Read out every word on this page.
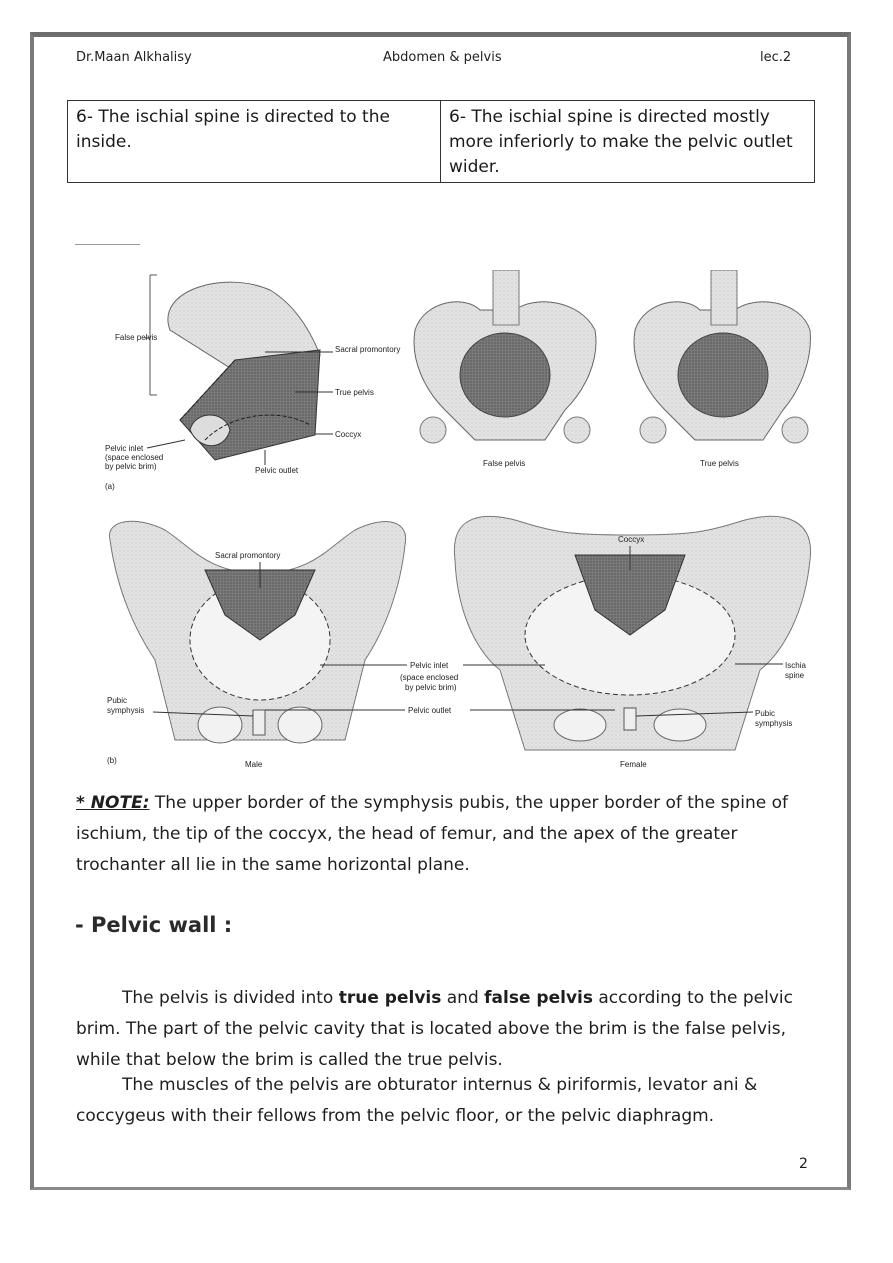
Dr.Maan Alkhalisy	Abdomen & pelvis	lec.2
6- The ischial spine is directed to the inside.	6- The ischial spine is directed mostly more inferiorly to make the pelvic outlet wider.
False pelvis
Sacral promontory
True pelvis
Coccyx
Pelvic inlet
(space enclosed
by pelvic brim)	Pelvic outlet
(a)
False pelvis	True pelvis
Sacral promontory
Coccyx
Pelvic inlet
(space enclosed
by pelvic brim)
Pelvic outlet
Pubic
symphysis
Ischia
spine
Pubic
symphysis
(b)	Male	Female
* NOTE: The upper border of the symphysis pubis, the upper border of the spine of ischium, the tip of the coccyx, the head of femur, and the apex of the greater trochanter all lie in the same horizontal plane.
- Pelvic wall :
The pelvis is divided into true pelvis and false pelvis according to the pelvic brim. The part of the pelvic cavity that is located above the brim is the false pelvis, while that below the brim is called the true pelvis.
The muscles of the pelvis are obturator internus & piriformis, levator ani & coccygeus with their fellows from the pelvic floor, or the pelvic diaphragm.
2
